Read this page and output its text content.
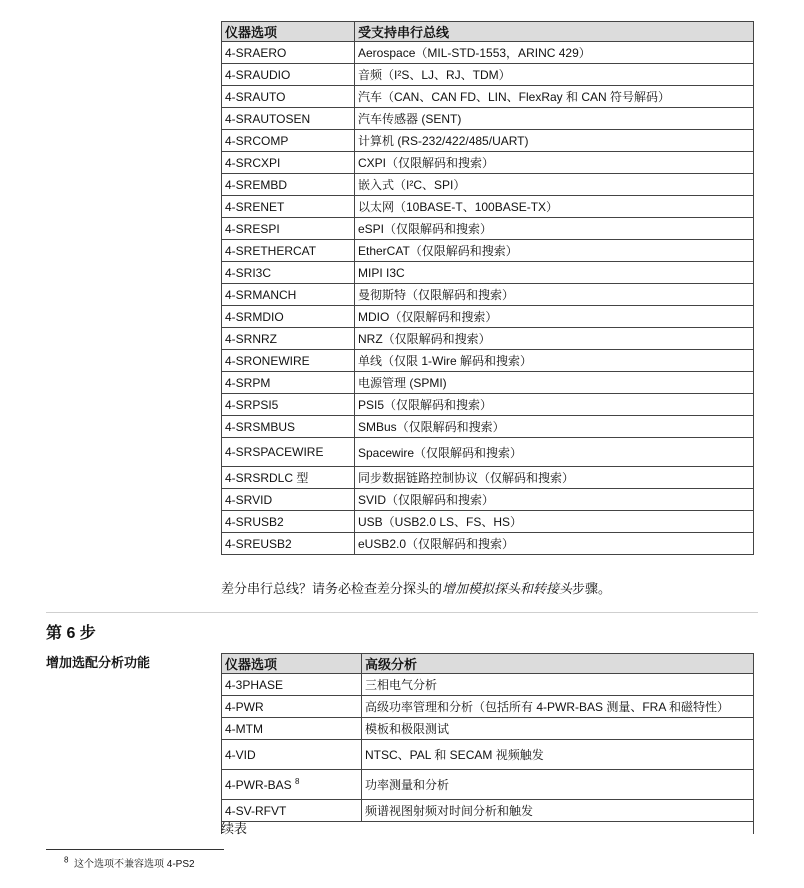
仪器选项	受支持串行总线
4-SRAERO	Aerospace（MIL-STD-1553，ARINC 429）
4-SRAUDIO	音频（I²S、LJ、RJ、TDM）
4-SRAUTO	汽车（CAN、CAN FD、LIN、FlexRay 和 CAN 符号解码）
4-SRAUTOSEN	汽车传感器 (SENT)
4-SRCOMP	计算机 (RS-232/422/485/UART)
4-SRCXPI	CXPI（仅限解码和搜索）
4-SREMBD	嵌入式（I²C、SPI）
4-SRENET	以太网（10BASE-T、100BASE-TX）
4-SRESPI	eSPI（仅限解码和搜索）
4-SRETHERCAT	EtherCAT（仅限解码和搜索）
4-SRI3C	MIPI I3C
4-SRMANCH	曼彻斯特（仅限解码和搜索）
4-SRMDIO	MDIO（仅限解码和搜索）
4-SRNRZ	NRZ（仅限解码和搜索）
4-SRONEWIRE	单线（仅限 1-Wire 解码和搜索）
4-SRPM	电源管理 (SPMI)
4-SRPSI5	PSI5（仅限解码和搜索）
4-SRSMBUS	SMBus（仅限解码和搜索）
4-SRSPACEWIRE	Spacewire（仅限解码和搜索）
4-SRSRDLC 型	同步数据链路控制协议（仅解码和搜索）
4-SRVID	SVID（仅限解码和搜索）
4-SRUSB2	USB（USB2.0 LS、FS、HS）
4-SREUSB2	eUSB2.0（仅限解码和搜索）
差分串行总线？请务必检查差分探头的增加模拟探头和转接头步骤。
第 6 步
增加选配分析功能	仪器选项	高级分析
4-3PHASE	三相电气分析
4-PWR	高级功率管理和分析（包括所有 4-PWR-BAS 测量、FRA 和磁特性）
4-MTM	模板和极限测试
4-VID	NTSC、PAL 和 SECAM 视频触发
4-PWR-BAS $^8$	功率测量和分析
4-SV-RFVT	频谱视图射频对时间分析和触发
续表
$^8$ 这个选项不兼容选项 4-PS2
